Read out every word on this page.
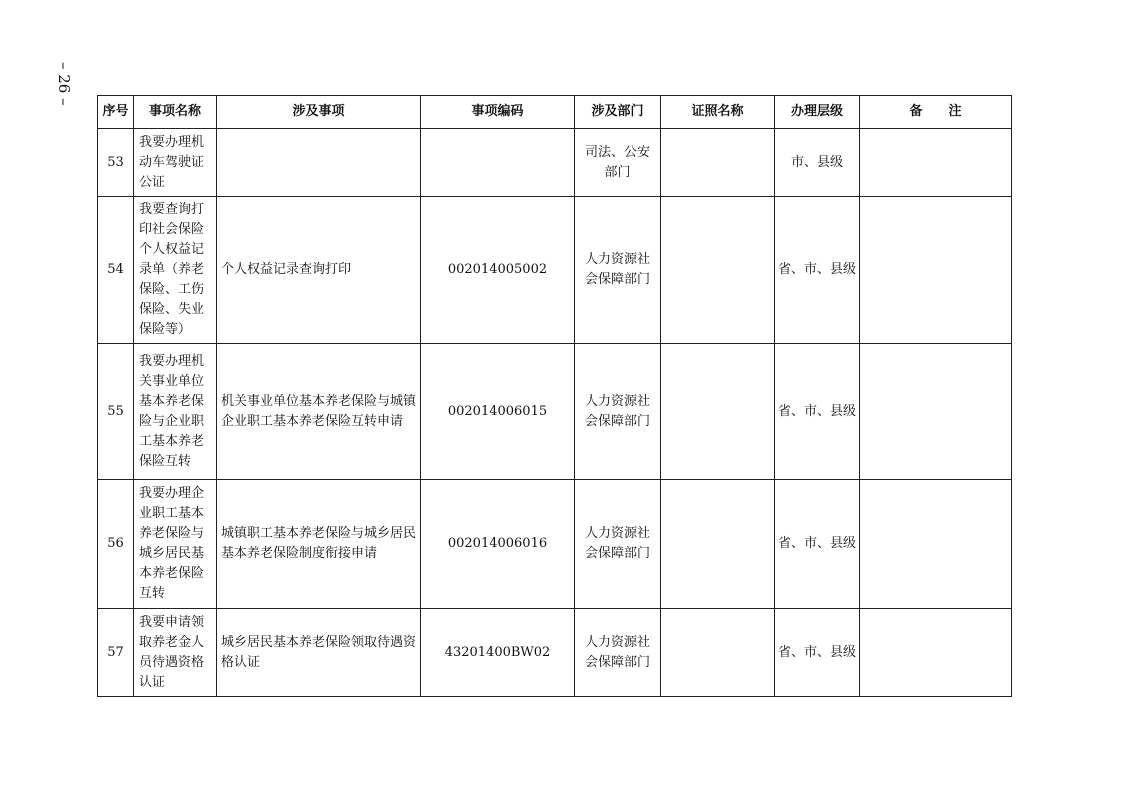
– 26 –
序号	事项名称	涉及事项	事项编码	涉及部门	证照名称	办理层级	备　　注
53	我要办理机动车驾驶证公证			司法、公安部门		市、县级	
54	我要查询打印社会保险个人权益记录单（养老保险、工伤保险、失业保险等）	个人权益记录查询打印	002014005002	人力资源社会保障部门		省、市、县级	
55	我要办理机关事业单位基本养老保险与企业职工基本养老保险互转	机关事业单位基本养老保险与城镇企业职工基本养老保险互转申请	002014006015	人力资源社会保障部门		省、市、县级	
56	我要办理企业职工基本养老保险与城乡居民基本养老保险互转	城镇职工基本养老保险与城乡居民基本养老保险制度衔接申请	002014006016	人力资源社会保障部门		省、市、县级	
57	我要申请领取养老金人员待遇资格认证	城乡居民基本养老保险领取待遇资格认证	43201400BW02	人力资源社会保障部门		省、市、县级	
